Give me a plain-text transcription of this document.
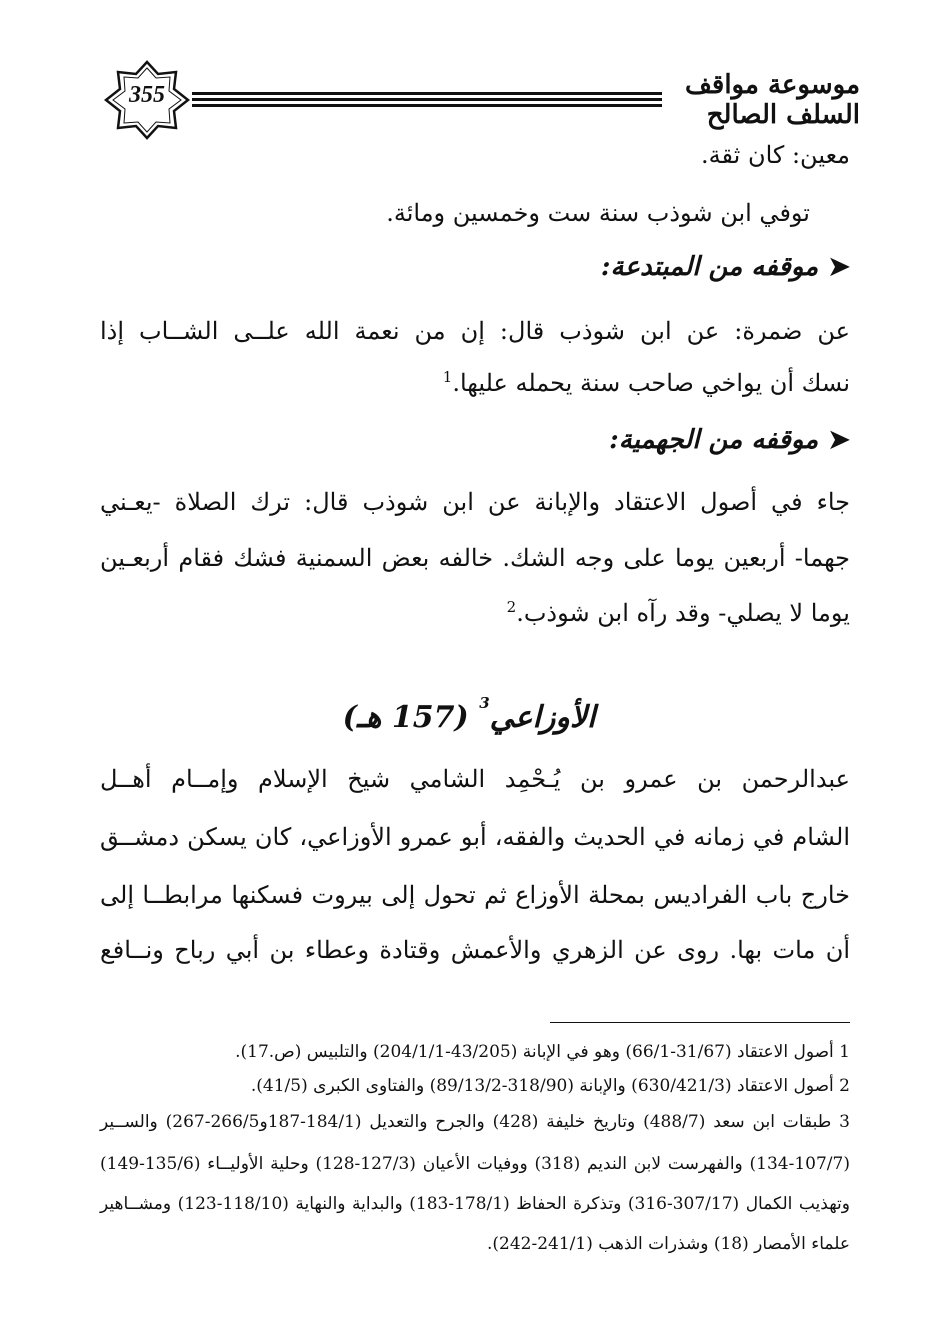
355	موسوعة مواقف السلف الصالح

معين: كان ثقة.

توفي ابن شوذب سنة ست وخمسين ومائة.

➤موقفه من المبتدعة:

عن ضمرة: عن ابن شوذب قال: إن من نعمة الله علــى الشــاب إذا

نسك أن يواخي صاحب سنة يحمله عليها.$^1$

➤موقفه من الجهمية:

جاء في أصول الاعتقاد والإبانة عن ابن شوذب قال: ترك الصلاة -يعـني

جهما- أربعين يوما على وجه الشك. خالفه بعض السمنية فشك فقام أربعـين

يوما لا يصلي- وقد رآه ابن شوذب.$^2$

الأوزاعي$^3$ (157 هـ)

عبدالرحمن بن عمرو بن يُـحْمِد الشامي شيخ الإسلام وإمــام أهــل

الشام في زمانه في الحديث والفقه، أبو عمرو الأوزاعي، كان يسكن دمشــق

خارج باب الفراديس بمحلة الأوزاع ثم تحول إلى بيروت فسكنها مرابطــا إلى

أن مات بها. روى عن الزهري والأعمش وقتادة وعطاء بن أبي رباح ونــافع

1 أصول الاعتقاد (31/67-66/1) وهو في الإبانة (43/205-204/1/1) والتلبيس (ص.17).

2 أصول الاعتقاد (630/421/3) والإبانة (318/90-89/13/2) والفتاوى الكبرى (41/5).

3 طبقات ابن سعد (488/7) وتاريخ خليفة (428) والجرح والتعديل (184/1-187و266/5-267) والســير

(134-107/7) والفهرست لابن النديم (318) ووفيات الأعيان (127/3-128) وحلية الأوليــاء (135/6-149)

وتهذيب الكمال (307/17-316) وتذكرة الحفاظ (178/1-183) والبداية والنهاية (118/10-123) ومشــاهير

علماء الأمصار (18) وشذرات الذهب (241/1-242).
